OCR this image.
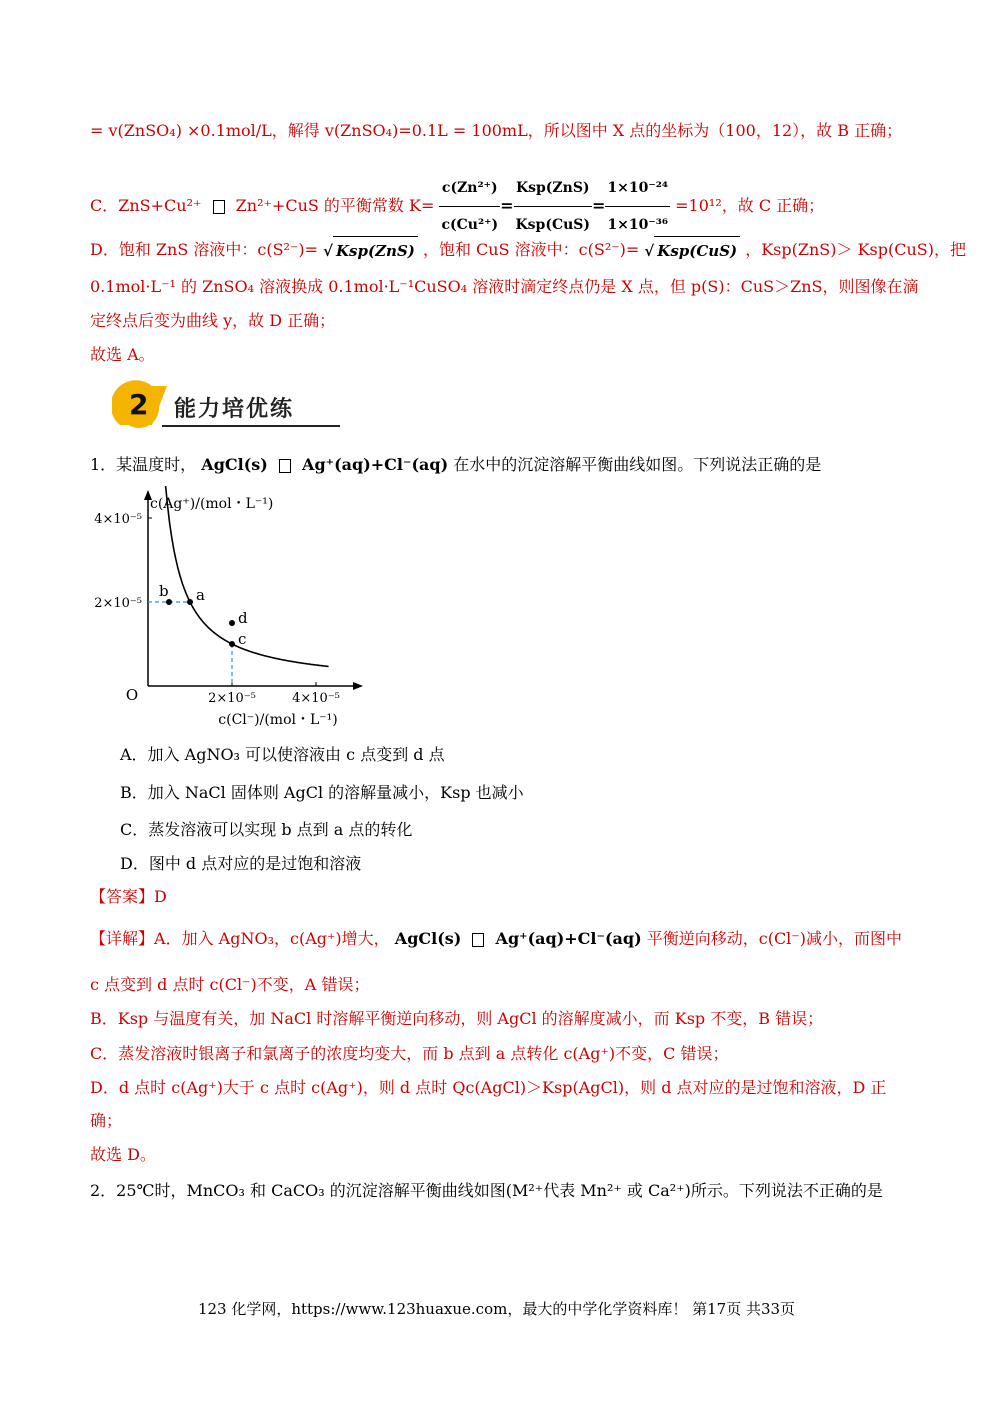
= v(ZnSO₄) ×0.1mol/L，解得 v(ZnSO₄)=0.1L = 100mL，所以图中 X 点的坐标为（100，12），故 B 正确；
C．ZnS+Cu²⁺ Zn²⁺+CuS 的平衡常数 $K= \frac{\text{c(Zn²⁺)}}{\text{c(Cu²⁺)}} = \frac{\text{Ksp(ZnS)}}{\text{Ksp(CuS)}} = \frac{\text{1×10⁻²⁴}}{\text{1×10⁻³⁶}} =10^{12}$，故 C 正确；
D．饱和 ZnS 溶液中：c(S²⁻)= √ Ksp(ZnS) ，饱和 CuS 溶液中：c(S²⁻)= √ Ksp(CuS) ，Ksp(ZnS)＞ Ksp(CuS)，把
0.1mol·L⁻¹ 的 ZnSO₄ 溶液换成 0.1mol·L⁻¹CuSO₄ 溶液时滴定终点仍是 X 点，但 p(S)：CuS＞ZnS，则图像在滴
定终点后变为曲线 y，故 D 正确；
故选 A。
2 能力培优练
1．某温度时， AgCl(s) Ag⁺(aq)+Cl⁻(aq) 在水中的沉淀溶解平衡曲线如图。下列说法正确的是
c(Ag⁺)/(mol・L⁻¹)
c(Cl⁻)/(mol・L⁻¹)
O
4×10⁻⁵
2×10⁻⁵
2×10⁻⁵	4×10⁻⁵
b a
d
c
A．加入 AgNO₃ 可以使溶液由 c 点变到 d 点
B．加入 NaCl 固体则 AgCl 的溶解量减小，Ksp 也减小
C．蒸发溶液可以实现 b 点到 a 点的转化
D．图中 d 点对应的是过饱和溶液
【答案】D
【详解】A．加入 AgNO₃，c(Ag⁺)增大， AgCl(s) Ag⁺(aq)+Cl⁻(aq) 平衡逆向移动，c(Cl⁻)减小，而图中
c 点变到 d 点时 c(Cl⁻)不变，A 错误；
B．Ksp 与温度有关，加 NaCl 时溶解平衡逆向移动，则 AgCl 的溶解度减小，而 Ksp 不变，B 错误；
C．蒸发溶液时银离子和氯离子的浓度均变大，而 b 点到 a 点转化 c(Ag⁺)不变，C 错误；
D．d 点时 c(Ag⁺)大于 c 点时 c(Ag⁺)，则 d 点时 Qc(AgCl)＞Ksp(AgCl)，则 d 点对应的是过饱和溶液，D 正
确；
故选 D。
2．25℃时，MnCO₃ 和 CaCO₃ 的沉淀溶解平衡曲线如图(M²⁺代表 Mn²⁺ 或 Ca²⁺)所示。下列说法不正确的是
123 化学网，https://www.123huaxue.com，最大的中学化学资料库！ 第17页 共33页
